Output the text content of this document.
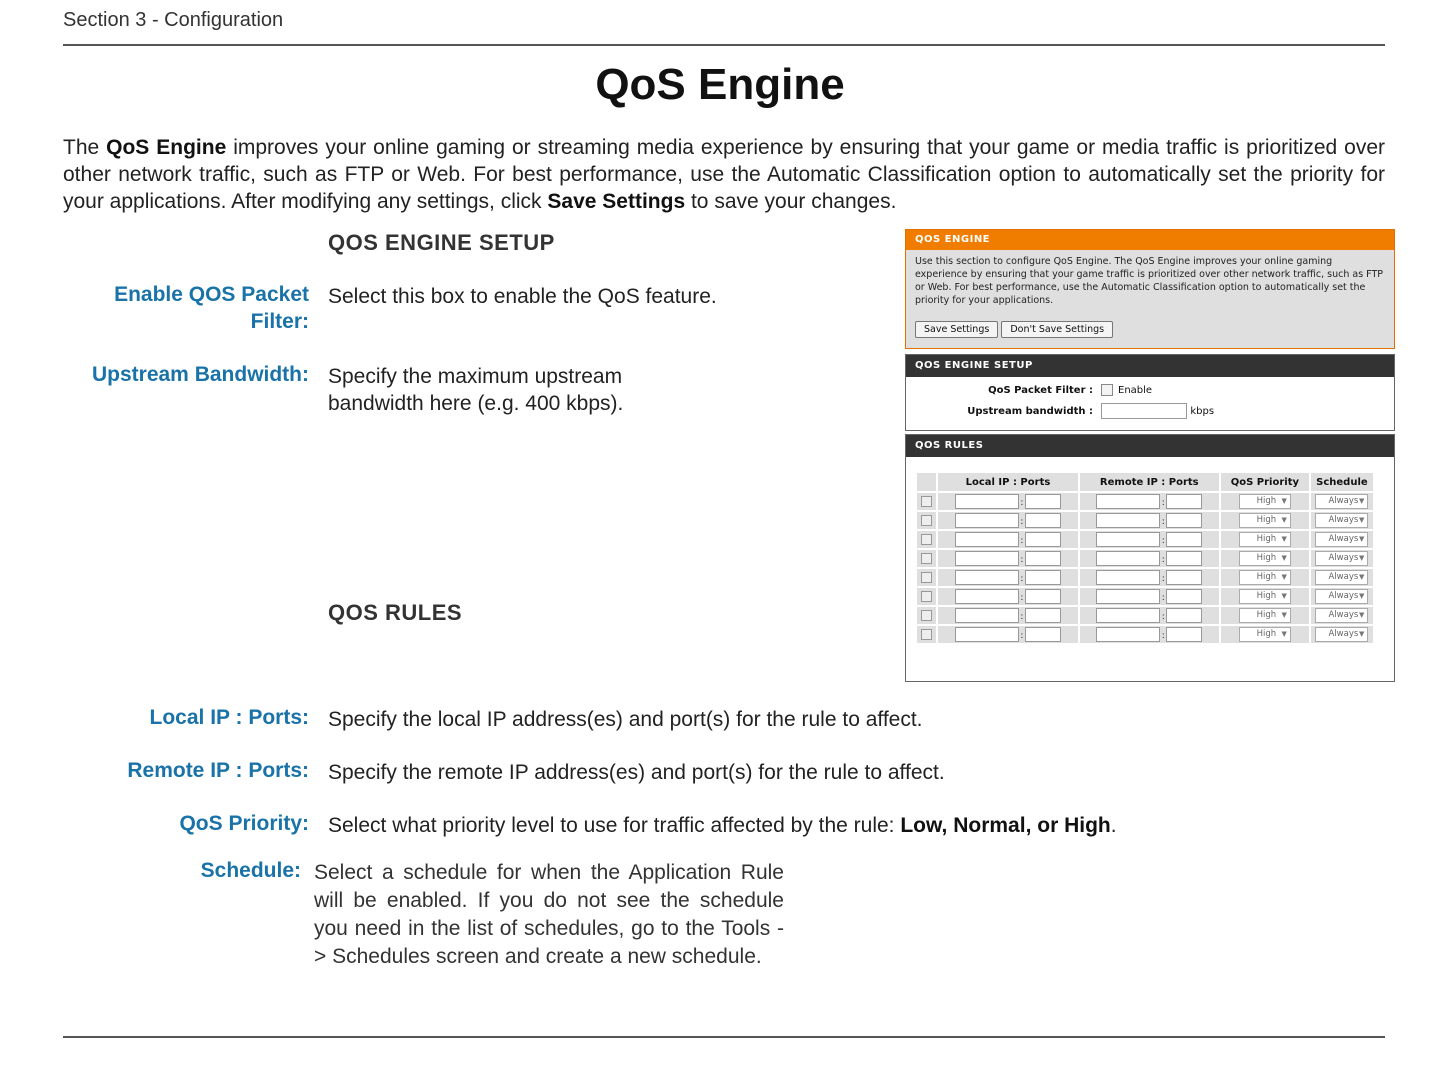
Section 3 - Configuration
QoS Engine
The QoS Engine improves your online gaming or streaming media experience by ensuring that your game or media traffic is prioritized over other network traffic, such as FTP or Web. For best performance, use the Automatic Classification option to automatically set the priority for your applications. After modifying any settings, click Save Settings to save your changes.
QOS ENGINE SETUP
Enable QOS Packet
Filter:
Select this box to enable the QoS feature.
Upstream Bandwidth: Specify the maximum upstream
bandwidth here (e.g. 400 kbps).
QOS RULES
Local IP : Ports: Specify the local IP address(es) and port(s) for the rule to affect.
Remote IP : Ports: Specify the remote IP address(es) and port(s) for the rule to affect.
QoS Priority: Select what priority level to use for traffic affected by the rule: Low, Normal, or High.
Schedule: Select a schedule for when the Application Rule will be enabled. If you do not see the schedule you need in the list of schedules, go to the Tools -> Schedules screen and create a new schedule.
QOS ENGINE
Use this section to configure QoS Engine. The QoS Engine improves your online gaming experience by ensuring that your game traffic is prioritized over other network traffic, such as FTP or Web. For best performance, use the Automatic Classification option to automatically set the priority for your applications.
Save Settings Don't Save Settings
QOS ENGINE SETUP
QoS Packet Filter :	Enable
Upstream bandwidth :	kbps
QOS RULES
	Local IP : Ports	Remote IP : Ports	QoS Priority	Schedule
	:	:	High ▼	Always ▼

	:	:	High ▼	Always ▼

	:	:	High ▼	Always ▼

	:	:	High ▼	Always ▼

	:	:	High ▼	Always ▼

	:	:	High ▼	Always ▼

	:	:	High ▼	Always ▼

	:	:	High ▼	Always ▼
